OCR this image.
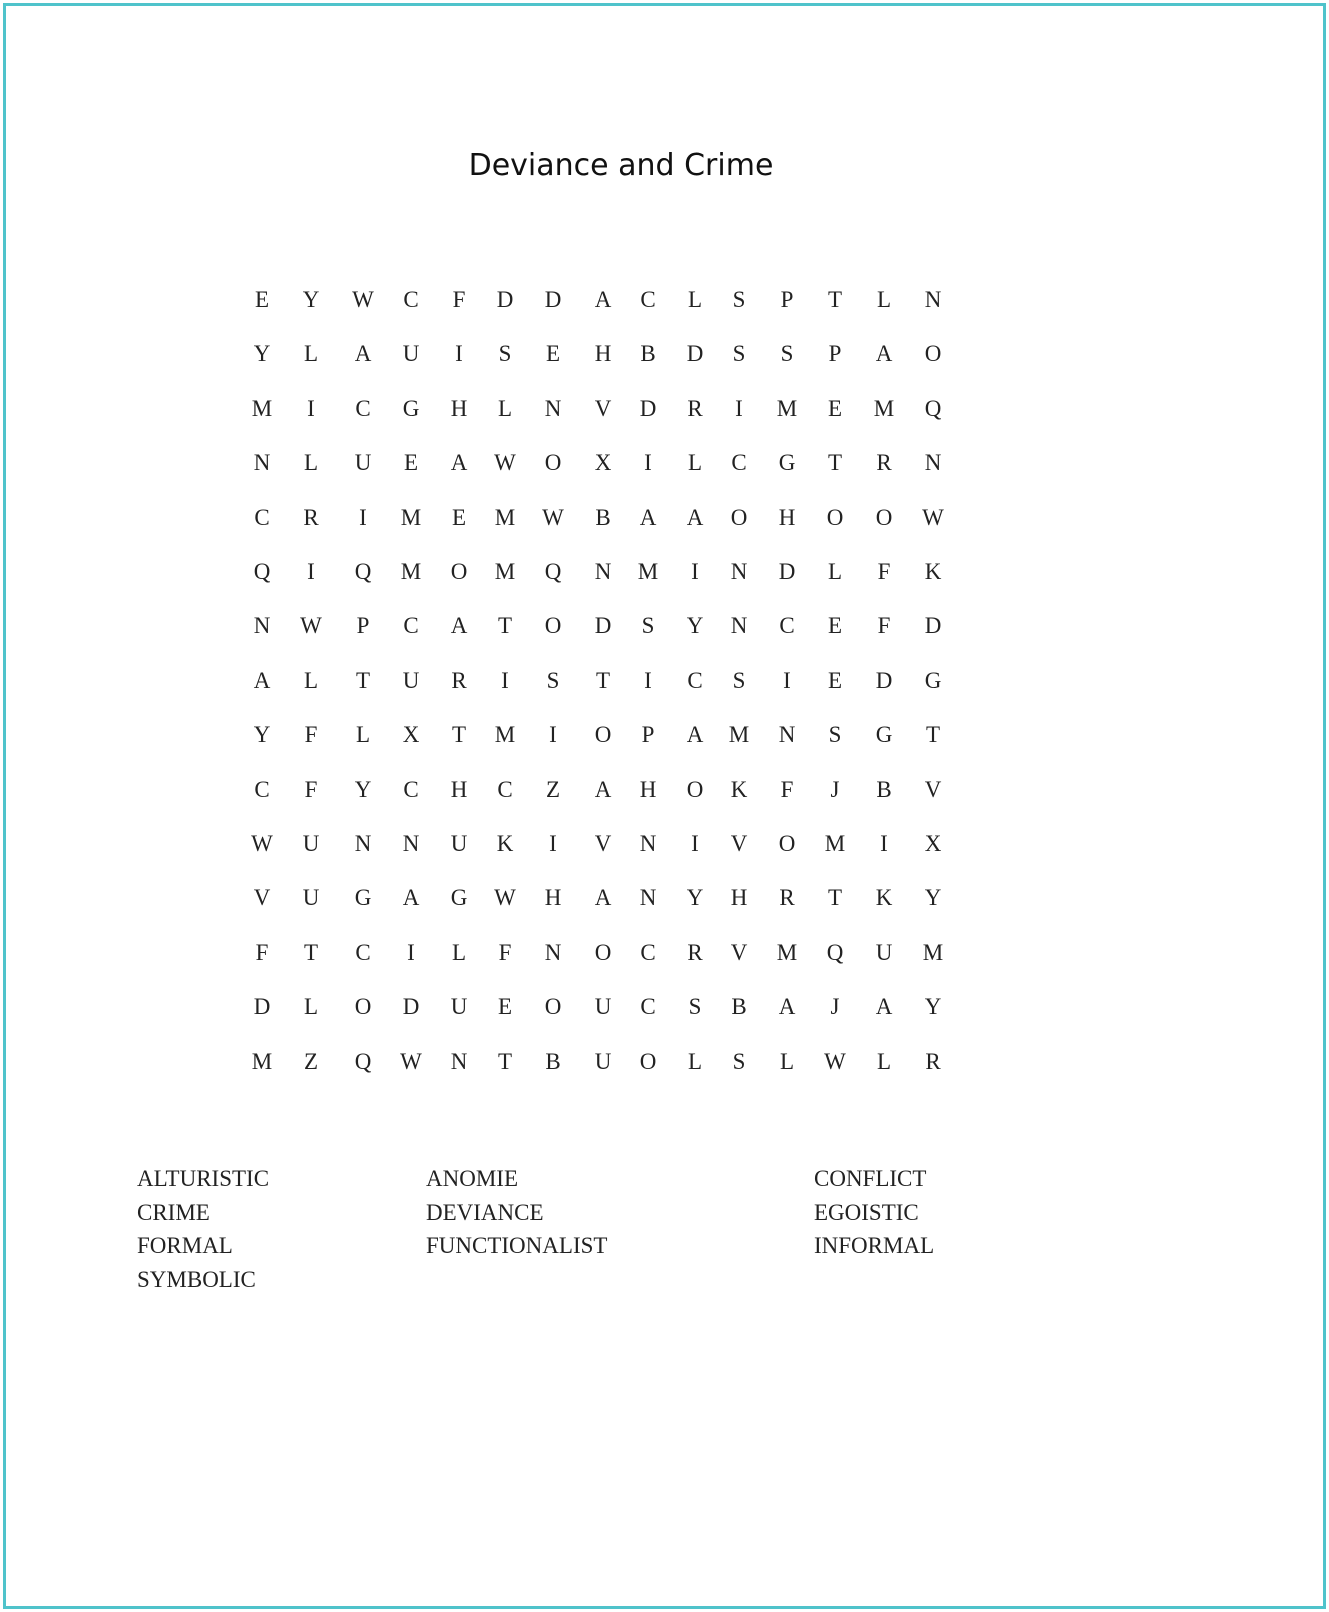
Deviance and Crime
E	Y W	C	F	D D A	C	L	S	P	T	L	N
Y	L	A U	I	S	E	H	B	D	S	S	P	A O
M	I	C	G H	L	N V D	R	I	M	E	M Q
N	L	U	E	A W O X	I	L	C	G	T	R	N
C	R	I	M	E	M W	B	A A O H O O W
Q	I	Q M O M Q N M	I	N D	L	F	K
N W	P	C	A	T	O D	S	Y N	C	E	F	D
A	L	T	U	R	I	S	T	I	C	S	I	E	D G
Y	F	L	X	T	M	I	O	P	A M N	S	G	T
C	F	Y	C	H	C	Z	A H O K	F	J	B	V
W U N N U K	I	V N	I	V O M	I	X
V U G A G W H A N Y H	R	T	K Y
F	T	C	I	L	F	N O	C	R	V M Q U M
D	L	O D U	E	O U	C	S	B	A	J	A Y
M	Z	Q W N	T	B	U O	L	S	L	W	L	R
ALTURISTIC
CRIME
FORMAL
SYMBOLIC
ANOMIE
DEVIANCE
FUNCTIONALIST
CONFLICT
EGOISTIC
INFORMAL
